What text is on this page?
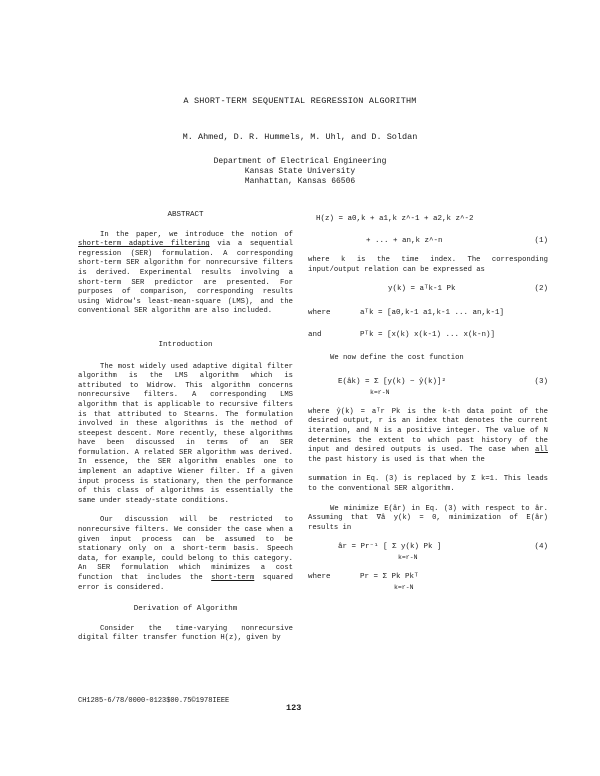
A SHORT-TERM SEQUENTIAL REGRESSION ALGORITHM
M. Ahmed, D. R. Hummels, M. Uhl, and D. Soldan
Department of Electrical Engineering
Kansas State University
Manhattan, Kansas 66506
ABSTRACT
In the paper, we introduce the notion of short-term adaptive filtering via a sequential regression (SER) formulation. A corresponding short-term SER algorithm for nonrecursive filters is derived. Experimental results involving a short-term SER predictor are presented. For purposes of comparison, corresponding results using Widrow's least-mean-square (LMS), and the conventional SER algorithm are also included.
Introduction
The most widely used adaptive digital filter algorithm is the LMS algorithm which is attributed to Widrow. This algorithm concerns nonrecursive filters. A corresponding LMS algorithm that is applicable to recursive filters is that attributed to Stearns. The formulation involved in these algorithms is the method of steepest descent. More recently, these algorithms have been discussed in terms of an SER formulation. A related SER algorithm was derived. In essence, the SER algorithm enables one to implement an adaptive Wiener filter. If a given input process is stationary, then the performance of this class of algorithms is essentially the same under steady-state conditions.
Our discussion will be restricted to nonrecursive filters. We consider the case when a given input process can be assumed to be stationary only on a short-term basis. Speech data, for example, could belong to this category. An SER formulation which minimizes a cost function that includes the short-term squared error is considered.
Derivation of Algorithm
Consider the time-varying nonrecursive digital filter transfer function H(z), given by
H(z) = a0,k + a1,k z^-1 + a2,k z^-2
+ ... + an,k z^-n	(1)
where k is the time index. The corresponding input/output relation can be expressed as
y(k) = aᵀk-1 Pk	(2)
where	aᵀk = [a0,k-1 a1,k-1 ... an,k-1]
and	Pᵀk = [x(k) x(k-1) ... x(k-n)]
We now define the cost function
E(âk) = Σ [y(k) − ŷ(k)]²
k=r-N
(3)
where ŷ(k) = aᵀr Pk is the k-th data point of the desired output, r is an index that denotes the current iteration, and N is a positive integer. The value of N determines the extent to which past history of the input and desired outputs is used. The case when all the past history is used is that when the
summation in Eq. (3) is replaced by Σ k=1. This leads to the conventional SER algorithm.
We minimize E(âr) in Eq. (3) with respect to âr. Assuming that ∇â y(k) = 0, minimization of E(âr) results in
âr = Pr⁻¹ [ Σ y(k) Pk ]
k=r-N
(4)
where	Pr = Σ Pk Pkᵀ
k=r-N
CH1285-6/78/0000-0123$00.75©1978IEEE
123
